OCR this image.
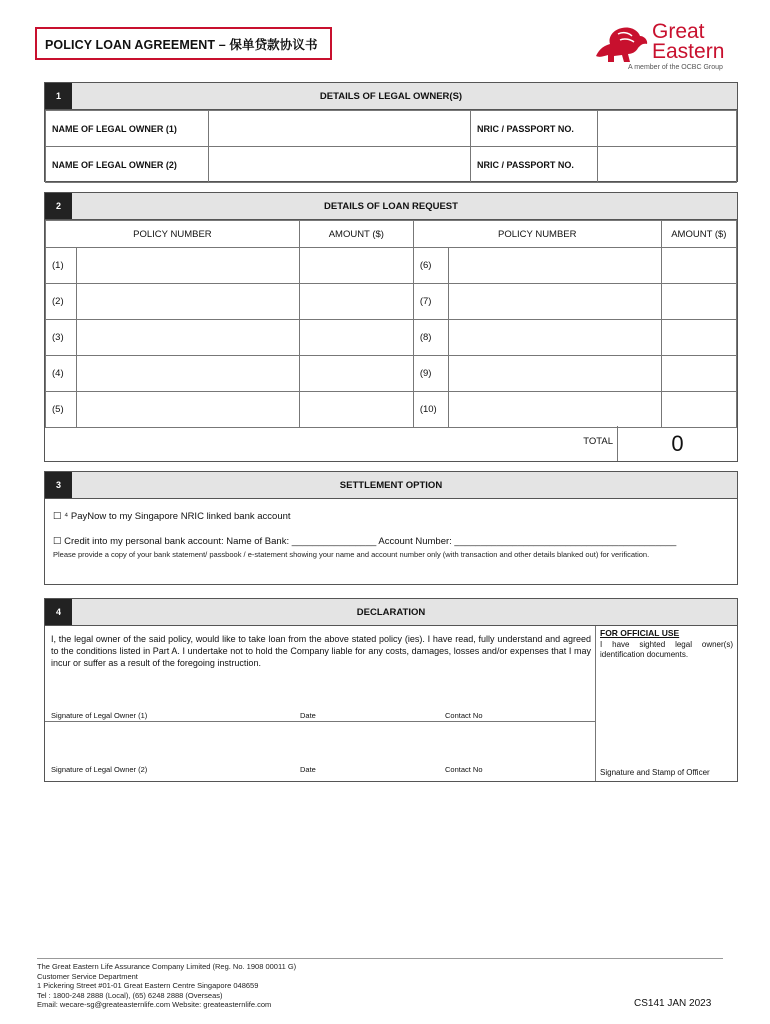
POLICY LOAN AGREEMENT – 保单贷款协议书
Great
Eastern
A member of the OCBC Group
1	DETAILS OF LEGAL OWNER(S)
NAME OF LEGAL OWNER (1)		NRIC / PASSPORT NO.	
NAME OF LEGAL OWNER (2)		NRIC / PASSPORT NO.	
2	DETAILS OF LOAN REQUEST
POLICY NUMBER		AMOUNT ($)	POLICY NUMBER		AMOUNT ($)
(1)			(6)		
(2)			(7)		
(3)			(8)		
(4)			(9)		
(5)			(10)		
TOTAL	0
3	SETTLEMENT OPTION
☐ ⁴ PayNow to my Singapore NRIC linked bank account
☐ Credit into my personal bank account: Name of Bank: ________________ Account Number: __________________________________________
Please provide a copy of your bank statement/ passbook / e-statement showing your name and account number only (with transaction and other details blanked out) for verification.
4	DECLARATION
I, the legal owner of the said policy, would like to take loan from the above stated policy (ies). I have read, fully understand and agreed to the conditions listed in Part A. I undertake not to hold the Company liable for any costs, damages, losses and/or expenses that I may incur or suffer as a result of the foregoing instruction.
FOR OFFICIAL USE
I have sighted legal owner(s) identification documents.
Signature and Stamp of Officer
Signature of Legal Owner (1)	Date	Contact No
Signature of Legal Owner (2)	Date	Contact No
The Great Eastern Life Assurance Company Limited (Reg. No. 1908 00011 G)
Customer Service Department
1 Pickering Street #01-01 Great Eastern Centre Singapore 048659
Tel : 1800-248 2888 (Local), (65) 6248 2888 (Overseas)
Email: wecare-sg@greateasternlife.com Website: greateasternlife.com	CS141 JAN 2023
